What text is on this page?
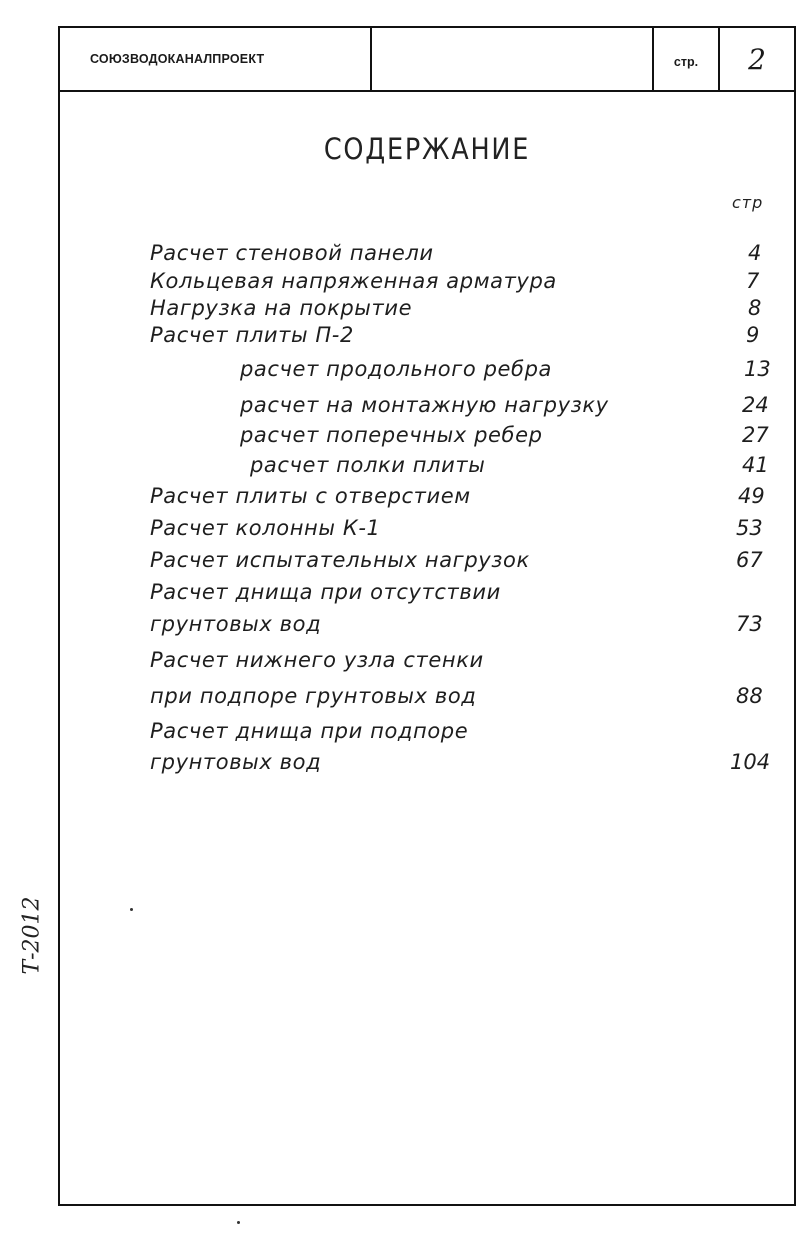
СОЮЗВОДОКАНАЛПРОЕКТ	стр.	2
СОДЕРЖАНИЕ
стр
Расчет стеновой панели	4
Кольцевая напряженная арматура	7
Нагрузка на покрытие	8
Расчет плиты П-2	9
расчет продольного ребра	13
расчет на монтажную нагрузку	24
расчет поперечных ребер	27
расчет полки плиты	41
Расчет плиты с отверстием	49
Расчет колонны К-1	53
Расчет испытательных нагрузок	67
Расчет днища при отсутствии
грунтовых вод	73
Расчет нижнего узла стенки
при подпоре грунтовых вод	88
Расчет днища при подпоре
грунтовых вод	104
Т-2012
